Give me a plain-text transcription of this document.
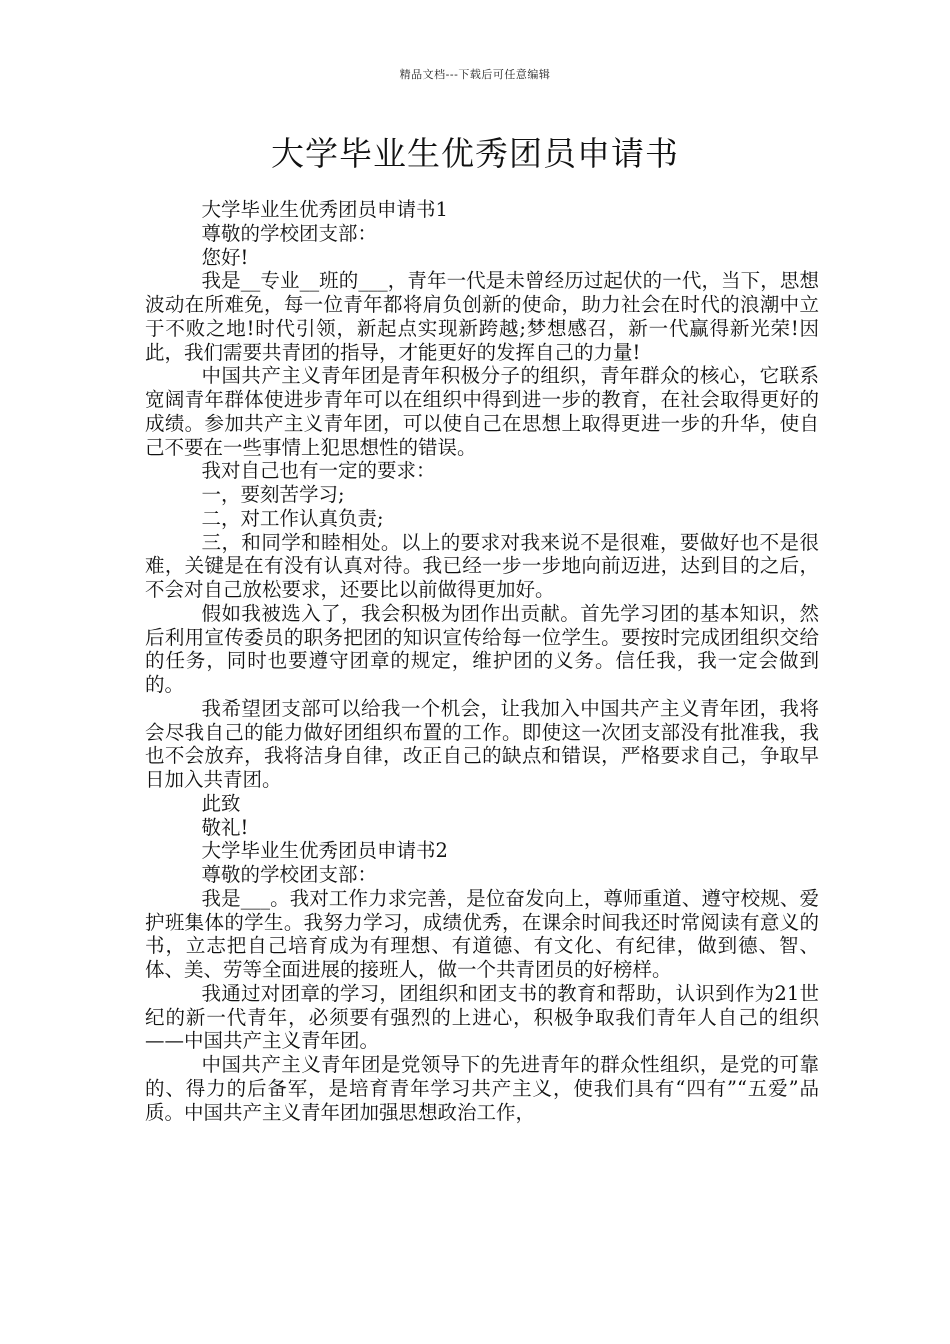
精品文档---下载后可任意编辑
大学毕业生优秀团员申请书

大学毕业生优秀团员申请书1

尊敬的学校团支部：

您好!

我是__专业__班的___，青年一代是未曾经历过起伏的一代，当下，思想波动在所难免，每一位青年都将肩负创新的使命，助力社会在时代的浪潮中立于不败之地!时代引领，新起点实现新跨越;梦想感召，新一代赢得新光荣!因此，我们需要共青团的指导，才能更好的发挥自己的力量!

中国共产主义青年团是青年积极分子的组织，青年群众的核心，它联系宽阔青年群体使进步青年可以在组织中得到进一步的教育，在社会取得更好的成绩。参加共产主义青年团，可以使自己在思想上取得更进一步的升华，使自己不要在一些事情上犯思想性的错误。

我对自己也有一定的要求：

一，要刻苦学习;

二，对工作认真负责;

三，和同学和睦相处。以上的要求对我来说不是很难，要做好也不是很难，关键是在有没有认真对待。我已经一步一步地向前迈进，达到目的之后，不会对自己放松要求，还要比以前做得更加好。

假如我被选入了，我会积极为团作出贡献。首先学习团的基本知识，然后利用宣传委员的职务把团的知识宣传给每一位学生。要按时完成团组织交给的任务，同时也要遵守团章的规定，维护团的义务。信任我，我一定会做到的。

我希望团支部可以给我一个机会，让我加入中国共产主义青年团，我将会尽我自己的能力做好团组织布置的工作。即使这一次团支部没有批准我，我也不会放弃，我将洁身自律，改正自己的缺点和错误，严格要求自己，争取早日加入共青团。

此致

敬礼!

大学毕业生优秀团员申请书2

尊敬的学校团支部：

我是___。我对工作力求完善，是位奋发向上，尊师重道、遵守校规、爱护班集体的学生。我努力学习，成绩优秀，在课余时间我还时常阅读有意义的书，立志把自己培育成为有理想、有道德、有文化、有纪律，做到德、智、体、美、劳等全面进展的接班人，做一个共青团员的好榜样。

我通过对团章的学习，团组织和团支书的教育和帮助，认识到作为21世纪的新一代青年，必须要有强烈的上进心，积极争取我们青年人自己的组织——中国共产主义青年团。

中国共产主义青年团是党领导下的先进青年的群众性组织，是党的可靠的、得力的后备军，是培育青年学习共产主义，使我们具有“四有”“五爱”品质。中国共产主义青年团加强思想政治工作，
